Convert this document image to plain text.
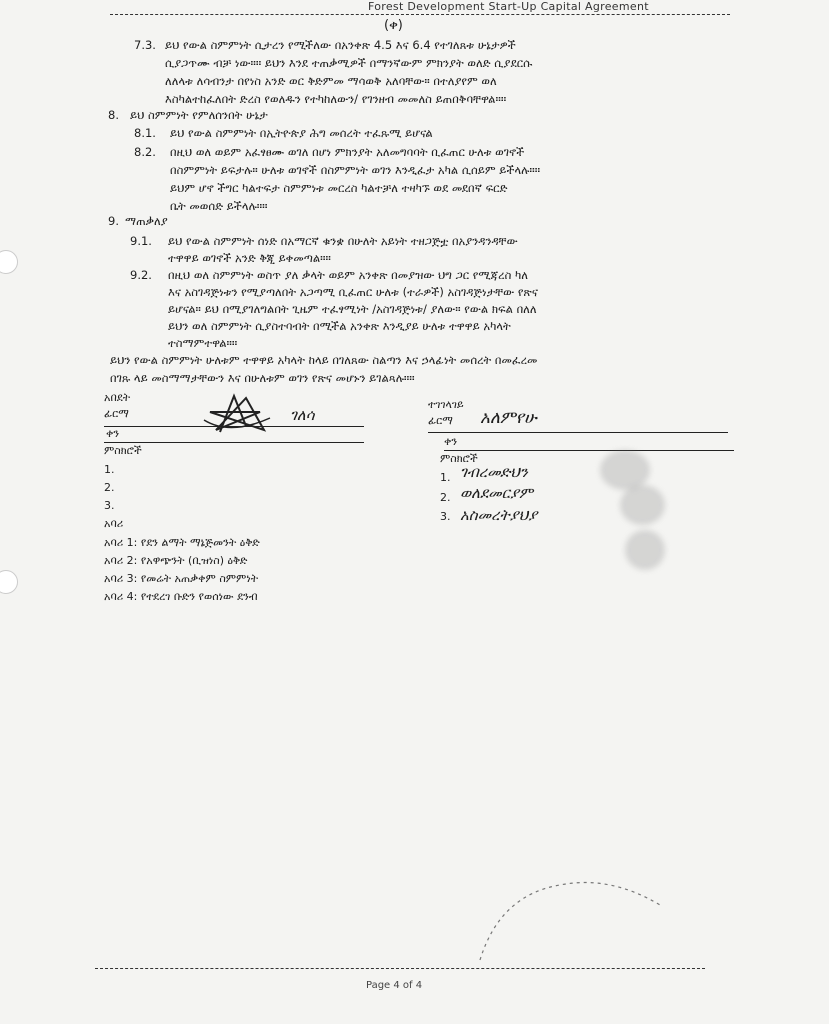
Forest Development Start-Up Capital Agreement
(ቀ)
7.3. ይህ የውል ስምምነት ሲታረን የሚችለው በአንቀጽ 4.5 እና 6.4 የተገለጸቱ ሁኔታዎች
ሲያጋጥሙ ብቻ ነው።። ይህን እንደ ተጠቃሚዎች በማንኛውም ምክንያት ወለድ ሲያደርሱ
ለለላቱ ለሳብንታ በየነስ አንድ ወር ቅድምመ ማሳወቅ አለባቸው። በተለያየም ወለ
እስካልተከፈለበት ድረስ የወለዱን የተካከለውን/ የገንዘብ መመለስ ይጠበቅባቸዋል።።
8. ይህ ስምምነት የምለሰንበት ሁኔታ
8.1. ይህ የውል ስምምነት በኢትዮጵያ ሕግ መሰረት ተፈጹሚ ይሆናል
8.2. በዚህ ወለ ወይም አፈፃፀሙ ወገለ በሆነ ምክንያት አለመግባባት ቢፈጠር ሁለቱ ወገኖች
በስምምነት ይፍታሉ። ሁለቱ ወገኖች በስምምነት ወገን እንዲፈታ አካል ሲሰይም ይችላሉ።።
ይህም ሆኖ ችግር ካልተፍታ ስምምነቱ መርረስ ካልተቻለ ተዛካኙ ወደ መደበኛ ፍርድ
ቤት መወሰድ ይችላሉ።።
9. ማጠቃለያ
9.1. ይህ የውል ስምምነት ሰነድ በአማርኛ ቁንቋ በሁለት አይነት ተዘጋጅቷ በአያንዳንዳቸው
ተዋዋይ ወገኖች አንድ ቅጂ ይቀመጣል።።
9.2. በዚህ ወለ ስምምነት ወስጥ ያለ ቃላት ወይም አንቀጽ በመያዝው ህግ ጋር የሚጃረስ ካለ
እና አስገዳጅነቱን የሚያጣለበት አጋጣሚ ቢፈጠር ሁለቱ (ተራዎች) አስገዳጅነታቸው የጽና
ይሆናል። ይህ በሚያገለግልበት ጊዜም ተፈፃሚነት /አስገዳጅነቱ/ ያለው። የውል ክፍል በለለ
ይህን ወለ ስምምነት ሲያስተባብት በሚችል አንቀጽ እንዲያይ ሁለቱ ተዋዋይ አካላት
ተስማምተዋል።።
ይህን የውል ስምምነት ሁለቱም ተዋዋይ አካላት ከላይ በገለጸው ስልጣን እና ኃላፊነት መሰረት በመፈረመ
በገጹ ላይ መስማማታቸውን እና በሁለቱም ወገን የጽና መሆኑን ይገልጻሉ።።
አበደት
ፊርማ
ቀን
ገለሳ
ምስክሮች
1.
2.
3.
ተገገላገይ
ፊርማ አለምየሁ
ቀን
ምስክሮች
1. ገብረመድህን
2. ወለደመርያም
3. አስመረትያህያ
አባሪ
አባሪ 1: የደን ልማት ማኔጅመንት ዕቅድ
አባሪ 2: የአዋጭንት (ቢዝነስ) ዕቅድ
አባሪ 3: የመሬት አጠቃቀም ስምምነት
አባሪ 4: የተደረገ ቡድን የወሰነው ደንብ
Page 4 of 4
